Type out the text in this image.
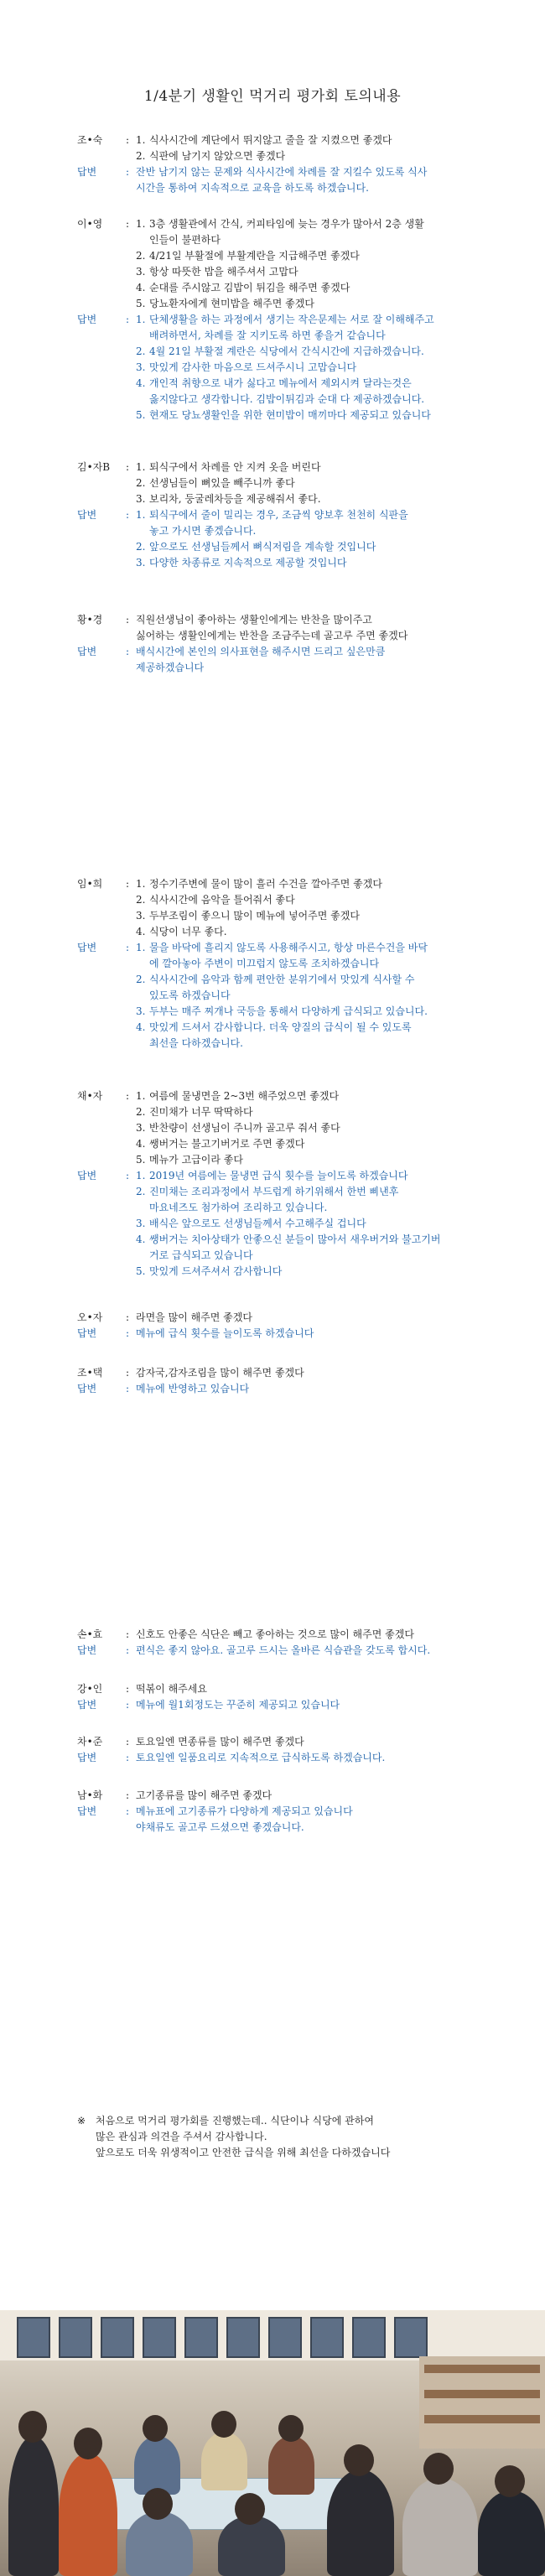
1/4분기 생활인 먹거리 평가회 토의내용
조•숙	: 1. 식사시간에 계단에서 뛰지않고 줄을 잘 지켰으면 좋겠다
2. 식판에 남기지 않았으면 좋겠다
답변	: 잔반 남기지 않는 문제와 식사시간에 차례를 잘 지킬수 있도록 식사
시간을 통하여 지속적으로 교육을 하도록 하겠습니다.
이•영	: 1. 3층 생활관에서 간식, 커피타임에 늦는 경우가 많아서 2층 생활
인들이 불편하다
2. 4/21일 부활절에 부활계란을 지급해주면 좋겠다
3. 항상 따뜻한 밥을 해주셔서 고맙다
4. 순대를 주시않고 김밥이 튀김을 해주면 좋겠다
5. 당뇨환자에게 현미밥을 해주면 좋겠다
답변	: 1. 단체생활을 하는 과정에서 생기는 작은문제는 서로 잘 이해해주고
배려하면서, 차례를 잘 지키도록 하면 좋을거 같습니다
2. 4월 21일 부활절 계란은 식당에서 간식시간에 지급하겠습니다.
3. 맛있게 감사한 마음으로 드셔주시니 고맙습니다
4. 개인적 취향으로 내가 싫다고 메뉴에서 제외시켜 달라는것은
옳지않다고 생각합니다. 김밥이튀김과 순대 다 제공하겠습니다.
5. 현재도 당뇨생활인을 위한 현미밥이 매끼마다 제공되고 있습니다
김•자B	: 1. 퇴식구에서 차례를 안 지켜 옷을 버린다
2. 선생님들이 뼈있을 빼주니까 좋다
3. 보리차, 둥굴레차등을 제공해줘서 좋다.
답변	: 1. 퇴식구에서 줄이 밀리는 경우, 조금씩 양보후 천천히 식판을
놓고 가시면 좋겠습니다.
2. 앞으로도 선생님들께서 뼈식저림을 계속할 것입니다
3. 다양한 차종류로 지속적으로 제공할 것입니다
황•경	: 직원선생님이 좋아하는 생활인에게는 반찬을 많이주고
싫어하는 생활인에게는 반찬을 조금주는데 골고루 주면 좋겠다
답변	: 배식시간에 본인의 의사표현을 해주시면 드리고 싶은만큼
제공하겠습니다
임•희	: 1. 정수기주변에 물이 많이 흘러 수건을 깔아주면 좋겠다
2. 식사시간에 음악을 틀어줘서 좋다
3. 두부조림이 좋으니 많이 메뉴에 넣어주면 좋겠다
4. 식당이 너무 좋다.
답변	: 1. 물을 바닥에 흘리지 않도록 사용해주시고, 항상 마른수건을 바닥
에 깔아놓아 주변이 미끄럽지 않도록 조치하겠습니다
2. 식사시간에 음악과 함께 편안한 분위기에서 맛있게 식사할 수
있도록 하겠습니다
3. 두부는 매주 찌개나 국등을 통해서 다양하게 급식되고 있습니다.
4. 맛있게 드셔서 감사합니다. 더욱 양질의 급식이 될 수 있도록
최선을 다하겠습니다.
채•자	: 1. 여름에 물냉면을 2~3번 해주었으면 좋겠다
2. 진미채가 너무 딱딱하다
3. 반찬량이 선생님이 주니까 골고루 줘서 좋다
4. 쌩버거는 불고기버거로 주면 좋겠다
5. 메뉴가 고급이라 좋다
답변	: 1. 2019년 여름에는 물냉면 급식 횟수를 늘이도록 하겠습니다
2. 진미채는 조리과정에서 부드럽게 하기위해서 한번 삐낸후
마요네즈도 첨가하여 조리하고 있습니다.
3. 배식은 앞으로도 선생님들께서 수고해주실 겁니다
4. 쌩버거는 치아상태가 안좋으신 분들이 많아서 새우버거와 불고기버
거로 급식되고 있습니다
5. 맛있게 드셔주셔서 감사합니다
오•자	: 라면을 많이 해주면 좋겠다
답변	: 메뉴에 급식 횟수를 늘이도록 하겠습니다
조•택	: 감자국,감자조림을 많이 해주면 좋겠다
답변	: 메뉴에 반영하고 있습니다
손•효	: 신호도 안좋은 식단은 빼고 좋아하는 것으로 많이 해주면 좋겠다
답변	: 편식은 좋지 않아요. 골고루 드시는 올바른 식습관을 갖도록 합시다.
강•인	: 떡볶이 해주세요
답변	: 메뉴에 월1회정도는 꾸준히 제공되고 있습니다
차•준	: 토요일엔 면종류를 많이 해주면 좋겠다
답변	: 토요일엔 일품요리로 지속적으로 급식하도록 하겠습니다.
남•화	: 고기종류를 많이 해주면 좋겠다
답변	: 메뉴표에 고기종류가 다양하게 제공되고 있습니다
야채류도 골고루 드셨으면 좋겠습니다.
※ 처음으로 먹거리 평가회를 진행했는데.. 식단이나 식당에 관하여
많은 관심과 의견을 주셔서 감사합니다.
앞으로도 더욱 위생적이고 안전한 급식을 위해 최선을 다하겠습니다
